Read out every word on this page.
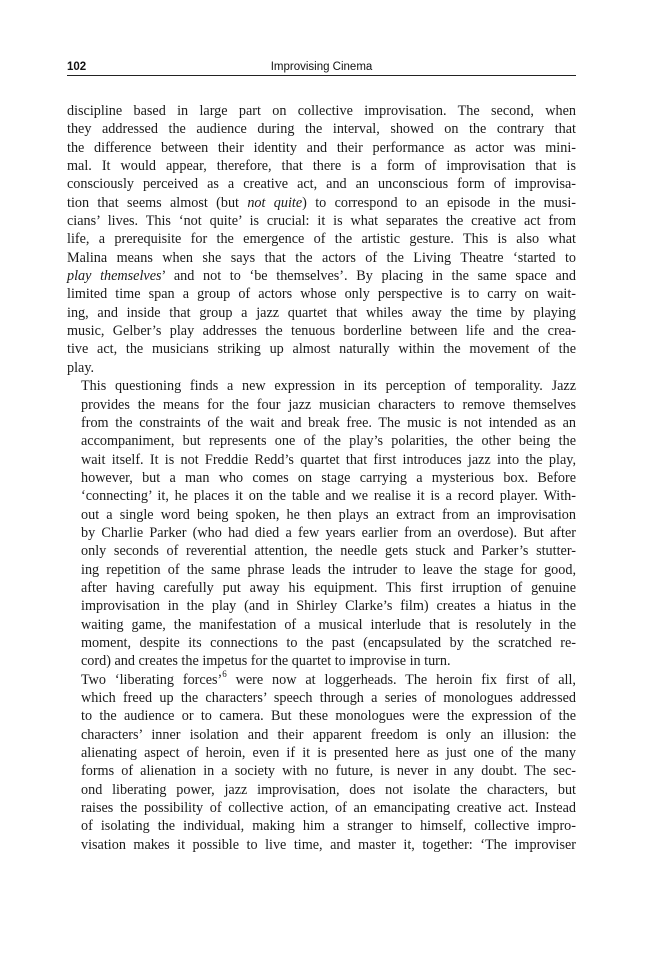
102	Improvising Cinema

discipline based in large part on collective improvisation. The second, when
they addressed the audience during the interval, showed on the contrary that
the difference between their identity and their performance as actor was mini-
mal. It would appear, therefore, that there is a form of improvisation that is
consciously perceived as a creative act, and an unconscious form of improvisa-
tion that seems almost (but not quite) to correspond to an episode in the musi-
cians’ lives. This ‘not quite’ is crucial: it is what separates the creative act from
life, a prerequisite for the emergence of the artistic gesture. This is also what
Malina means when she says that the actors of the Living Theatre ‘started to
play themselves’ and not to ‘be themselves’. By placing in the same space and
limited time span a group of actors whose only perspective is to carry on wait-
ing, and inside that group a jazz quartet that whiles away the time by playing
music, Gelber’s play addresses the tenuous borderline between life and the crea-
tive act, the musicians striking up almost naturally within the movement of the
play.

This questioning finds a new expression in its perception of temporality. Jazz
provides the means for the four jazz musician characters to remove themselves
from the constraints of the wait and break free. The music is not intended as an
accompaniment, but represents one of the play’s polarities, the other being the
wait itself. It is not Freddie Redd’s quartet that first introduces jazz into the play,
however, but a man who comes on stage carrying a mysterious box. Before
‘connecting’ it, he places it on the table and we realise it is a record player. With-
out a single word being spoken, he then plays an extract from an improvisation
by Charlie Parker (who had died a few years earlier from an overdose). But after
only seconds of reverential attention, the needle gets stuck and Parker’s stutter-
ing repetition of the same phrase leads the intruder to leave the stage for good,
after having carefully put away his equipment. This first irruption of genuine
improvisation in the play (and in Shirley Clarke’s film) creates a hiatus in the
waiting game, the manifestation of a musical interlude that is resolutely in the
moment, despite its connections to the past (encapsulated by the scratched re-
cord) and creates the impetus for the quartet to improvise in turn.

Two ‘liberating forces’$^6$ were now at loggerheads. The heroin fix first of all,
which freed up the characters’ speech through a series of monologues addressed
to the audience or to camera. But these monologues were the expression of the
characters’ inner isolation and their apparent freedom is only an illusion: the
alienating aspect of heroin, even if it is presented here as just one of the many
forms of alienation in a society with no future, is never in any doubt. The sec-
ond liberating power, jazz improvisation, does not isolate the characters, but
raises the possibility of collective action, of an emancipating creative act. Instead
of isolating the individual, making him a stranger to himself, collective impro-
visation makes it possible to live time, and master it, together: ‘The improviser
